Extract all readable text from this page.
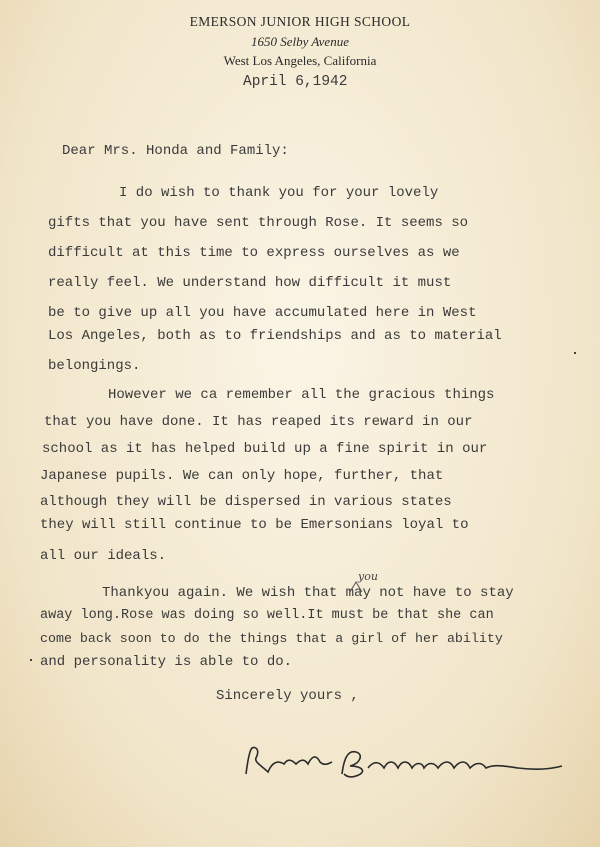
EMERSON JUNIOR HIGH SCHOOL
1650 Selby Avenue
West Los Angeles, California
April 6,1942
Dear Mrs. Honda and Family:
I do wish to thank you for your lovely
gifts that you have sent through Rose. It seems so
difficult at this time to express ourselves as we
really feel. We understand how difficult it must
be to give up all you have accumulated here in West
Los Angeles, both as to friendships and as to material
belongings.
However we ca remember all the gracious things
that you have done. It has reaped its reward in our
school as it has helped build up a fine spirit in our
Japanese pupils. We can only hope, further, that
although they will be dispersed in various states
they will still continue to be Emersonians loyal to
all our ideals.
Thankyou again. We wish that may not have to stay
away long.Rose was doing so well.It must be that she can
come back soon to do the things that a girl of her ability
and personality is able to do.
you
Sincerely yours ,
